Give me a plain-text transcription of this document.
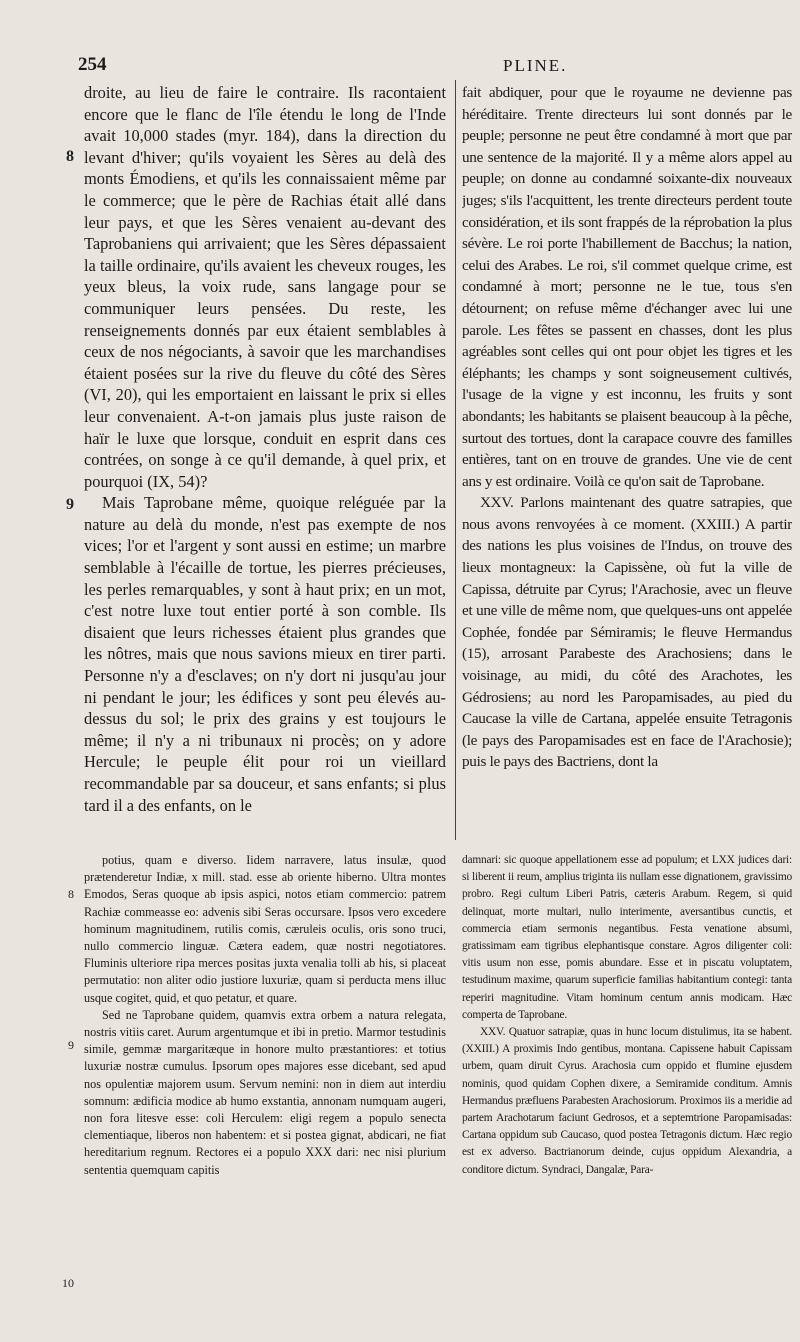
254	PLINE.

droite, au lieu de faire le contraire. Ils racontaient encore que le flanc de l'île étendu le long de l'Inde avait 10,000 stades (myr. 184), dans la direction du levant d'hiver; qu'ils voyaient les Sères au delà des monts Émodiens, et qu'ils les connaissaient même par le commerce; que le père de Rachias était allé dans leur pays, et que les Sères venaient au-devant des Taprobaniens qui arrivaient; que les Sères dépassaient la taille ordinaire, qu'ils avaient les cheveux rouges, les yeux bleus, la voix rude, sans langage pour se communiquer leurs pensées. Du reste, les renseignements donnés par eux étaient semblables à ceux de nos négociants, à savoir que les marchandises étaient posées sur la rive du fleuve du côté des Sères (VI, 20), qui les emportaient en laissant le prix si elles leur convenaient. A-t-on jamais plus juste raison de haïr le luxe que lorsque, conduit en esprit dans ces contrées, on songe à ce qu'il demande, à quel prix, et pourquoi (IX, 54)?

Mais Taprobane même, quoique reléguée par la nature au delà du monde, n'est pas exempte de nos vices; l'or et l'argent y sont aussi en estime; un marbre semblable à l'écaille de tortue, les pierres précieuses, les perles remarquables, y sont à haut prix; en un mot, c'est notre luxe tout entier porté à son comble. Ils disaient que leurs richesses étaient plus grandes que les nôtres, mais que nous savions mieux en tirer parti. Personne n'y a d'esclaves; on n'y dort ni jusqu'au jour ni pendant le jour; les édifices y sont peu élevés au-dessus du sol; le prix des grains y est toujours le même; il n'y a ni tribunaux ni procès; on y adore Hercule; le peuple élit pour roi un vieillard recommandable par sa douceur, et sans enfants; si plus tard il a des enfants, on le

fait abdiquer, pour que le royaume ne devienne pas héréditaire. Trente directeurs lui sont donnés par le peuple; personne ne peut être condamné à mort que par une sentence de la majorité. Il y a même alors appel au peuple; on donne au condamné soixante-dix nouveaux juges; s'ils l'acquittent, les trente directeurs perdent toute considération, et ils sont frappés de la réprobation la plus sévère. Le roi porte l'habillement de Bacchus; la nation, celui des Arabes. Le roi, s'il commet quelque crime, est condamné à mort; personne ne le tue, tous s'en détournent; on refuse même d'échanger avec lui une parole. Les fêtes se passent en chasses, dont les plus agréables sont celles qui ont pour objet les tigres et les éléphants; les champs y sont soigneusement cultivés, l'usage de la vigne y est inconnu, les fruits y sont abondants; les habitants se plaisent beaucoup à la pêche, surtout des tortues, dont la carapace couvre des familles entières, tant on en trouve de grandes. Une vie de cent ans y est ordinaire. Voilà ce qu'on sait de Taprobane.

XXV. Parlons maintenant des quatre satrapies, que nous avons renvoyées à ce moment. (XXIII.) A partir des nations les plus voisines de l'Indus, on trouve des lieux montagneux: la Capissène, où fut la ville de Capissa, détruite par Cyrus; l'Arachosie, avec un fleuve et une ville de même nom, que quelques-uns ont appelée Cophée, fondée par Sémiramis; le fleuve Hermandus (15), arrosant Parabeste des Arachosiens; dans le voisinage, au midi, du côté des Arachotes, les Gédrosiens; au nord les Paropamisades, au pied du Caucase la ville de Cartana, appelée ensuite Tetragonis (le pays des Paropamisades est en face de l'Arachosie); puis le pays des Bactriens, dont la

potius, quam e diverso. Iidem narravere, latus insulæ, quod prætenderetur Indiæ, x mill. stad. esse ab oriente hiberno. Ultra montes Emodos, Seras quoque ab ipsis aspici, notos etiam commercio: patrem Rachiæ commeasse eo: advenis sibi Seras occursare. Ipsos vero excedere hominum magnitudinem, rutilis comis, cæruleis oculis, oris sono truci, nullo commercio linguæ. Cætera eadem, quæ nostri negotiatores. Fluminis ulteriore ripa merces positas juxta venalia tolli ab his, si placeat permutatio: non aliter odio justiore luxuriæ, quam si perducta mens illuc usque cogitet, quid, et quo petatur, et quare.

Sed ne Taprobane quidem, quamvis extra orbem a natura relegata, nostris vitiis caret. Aurum argentumque et ibi in pretio. Marmor testudinis simile, gemmæ margaritæque in honore multo præstantiores: et totius luxuriæ nostræ cumulus. Ipsorum opes majores esse dicebant, sed apud nos opulentiæ majorem usum. Servum nemini: non in diem aut interdiu somnum: ædificia modice ab humo exstantia, annonam numquam augeri, non fora litesve esse: coli Herculem: eligi regem a populo senecta clementiaque, liberos non habentem: et si postea gignat, abdicari, ne fiat hereditarium regnum. Rectores ei a populo XXX dari: nec nisi plurium sententia quemquam capitis

damnari: sic quoque appellationem esse ad populum; et LXX judices dari: si liberent ii reum, amplius triginta iis nullam esse dignationem, gravissimo probro. Regi cultum Liberi Patris, cæteris Arabum. Regem, si quid delinquat, morte multari, nullo interimente, aversantibus cunctis, et commercia etiam sermonis negantibus. Festa venatione absumi, gratissimam eam tigribus elephantisque constare. Agros diligenter coli: vitis usum non esse, pomis abundare. Esse et in piscatu voluptatem, testudinum maxime, quarum superficie familias habitantium contegi: tanta reperiri magnitudine. Vitam hominum centum annis modicam. Hæc comperta de Taprobane.

XXV. Quatuor satrapiæ, quas in hunc locum distulimus, ita se habent. (XXIII.) A proximis Indo gentibus, montana. Capissene habuit Capissam urbem, quam diruit Cyrus. Arachosia cum oppido et flumine ejusdem nominis, quod quidam Cophen dixere, a Semiramide conditum. Amnis Hermandus præfluens Parabesten Arachosiorum. Proximos iis a meridie ad partem Arachotarum faciunt Gedrosos, et a septemtrione Paropamisadas: Cartana oppidum sub Caucaso, quod postea Tetragonis dictum. Hæc regio est ex adverso. Bactrianorum deinde, cujus oppidum Alexandria, a conditore dictum. Syndraci, Dangalæ, Para-

8
9
8
9
10
